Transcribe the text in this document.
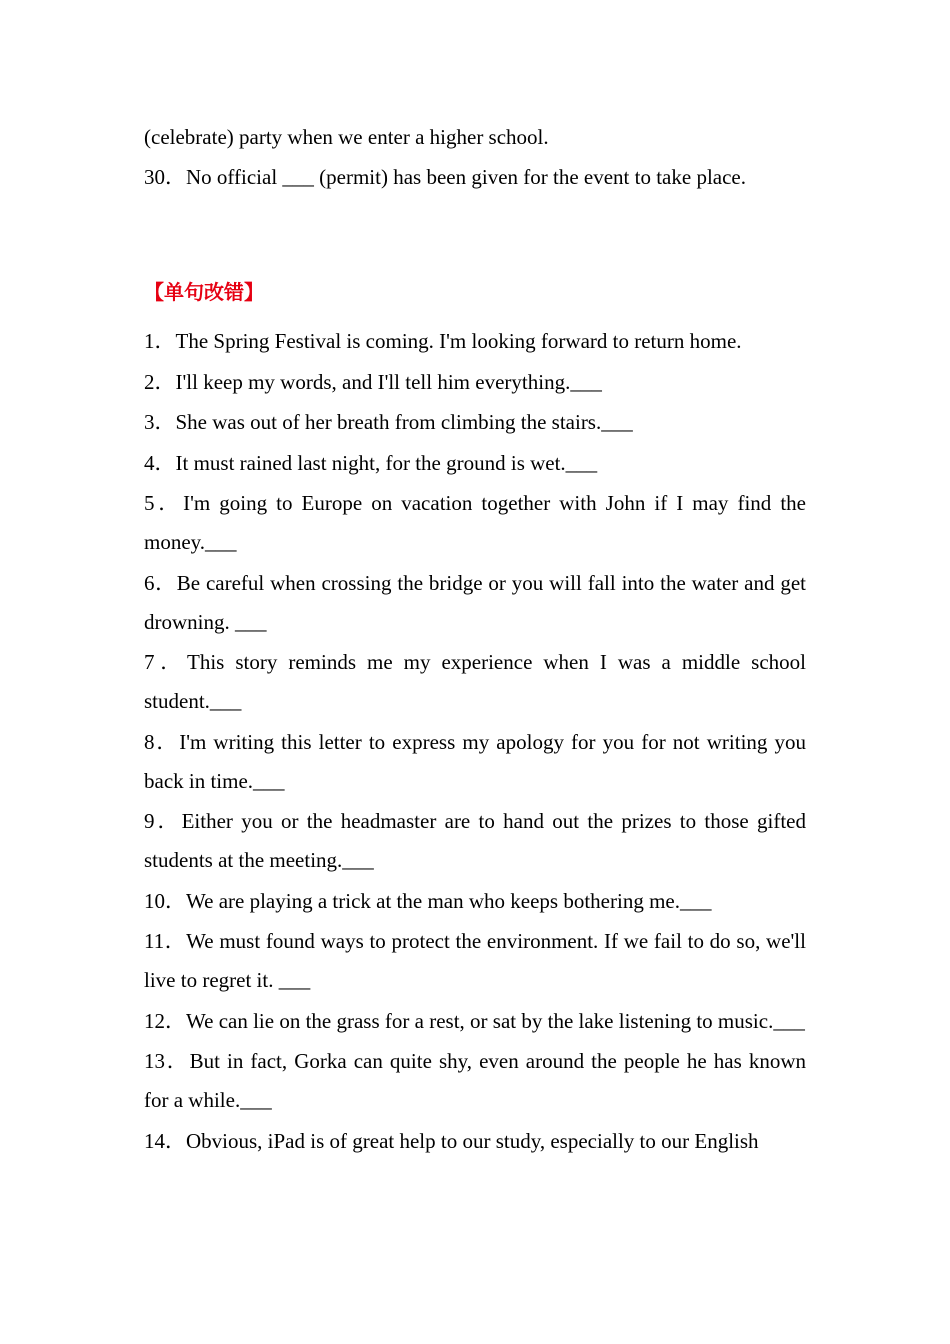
(celebrate) party when we enter a higher school.
30．No official ___ (permit) has been given for the event to take place.
【单句改错】
1．The Spring Festival is coming. I'm looking forward to return home.
2．I'll keep my words, and I'll tell him everything.___
3．She was out of her breath from climbing the stairs.___
4．It must rained last night, for the ground is wet.___
5．I'm going to Europe on vacation together with John if I may find the money.___
6．Be careful when crossing the bridge or you will fall into the water and get drowning. ___
7．This story reminds me my experience when I was a middle school student.___
8．I'm writing this letter to express my apology for you for not writing you back in time.___
9．Either you or the headmaster are to hand out the prizes to those gifted students at the meeting.___
10．We are playing a trick at the man who keeps bothering me.___
11．We must found ways to protect the environment. If we fail to do so, we'll live to regret it. ___
12．We can lie on the grass for a rest, or sat by the lake listening to music.___
13．But in fact, Gorka can quite shy, even around the people he has known for a while.___
14．Obvious, iPad is of great help to our study, especially to our English
